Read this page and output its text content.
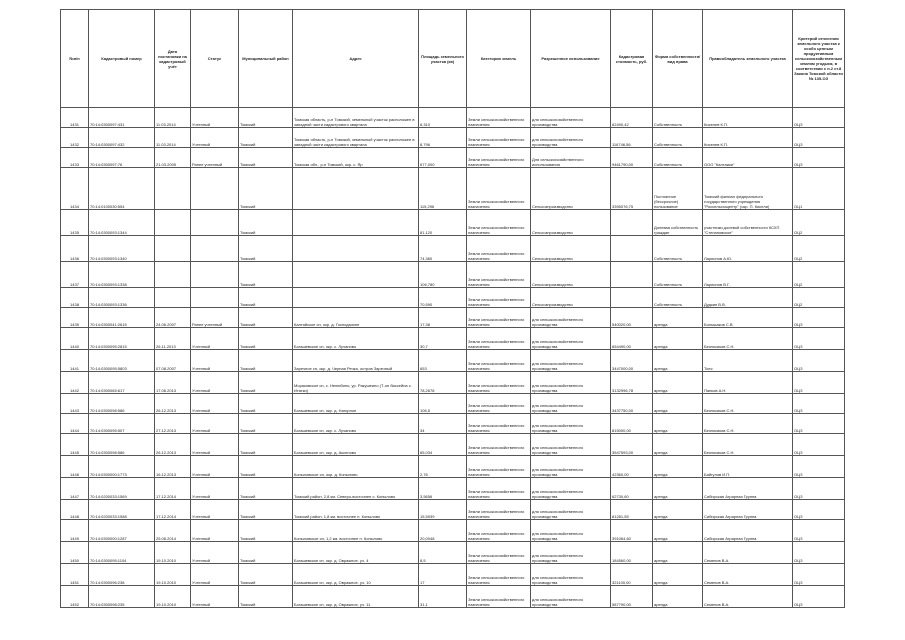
№п/п	Кадастровый номер	Дата постановки на кадастровый учёт	Статус	Муниципальный район	Адрес	Площадь земельного участка (кв)	Категория земель	Разрешенное использование	Кадастровая стоимость, руб.	Форма собственности/вид права	Правообладатель земельного участка	Критерий отнесения земельного участка к особо ценным продуктивным сельскохозяйственным землям угодьям, в соответствии с п.2 ст.8 Закона Томской области № 135-ОЗ
1431	70:14:0300097:431	11.03.2014	Учтенный	Томский	Томская область, р-н Томский, земельный участок расположен в западной части кадастрового квартала	6,310	Земли сельскохозяйственного назначения	для сельскохозяйственного производства	62490,42	Собственность	Киселев К.П.	ОЦЗ
1432	70:14:0300097:432	11.03.2014	Учтенный	Томский	Томская область, р-н Томский, земельный участок расположен в западной части кадастрового квартала	8,796	Земли сельскохозяйственного назначения	для сельскохозяйственного производства	116746,56	Собственность	Киселев К.П.	ОЦЗ
1433	70:14:0300097:76	21.03.2005	Ранее учтенный	Томский	Томская обл., р-н Томский, окр. с. Яр	677,000	Земли сельскохозяйственного назначения	Для сельскохозяйственного использования	9461790,00	Собственность	ООО "Калтаики"	ОЦЗ
1434	70:14:0100030:554			Томский		115,296	Земли сельскохозяйственного назначения	Сельхозпроизводство	3395076,75	Постоянное (бессрочное) пользование	Томский филиал федерального государственного учреждения "Россельхозцентр" (окр. П. Кисели)	ОЦ1
1435	70:14:0300093:1344			Томский		81,120	Земли сельскохозяйственного назначения	Сельхозпроизводство		Долевая собственность граждан	участники долевой собственности КСХП "Степановское"	ОЦ2
1436	70:14:0300093:1340			Томский		74,360	Земли сельскохозяйственного назначения	Сельхозпроизводство		Собственность	Ларионов А.Ю.	ОЦ2
1437	70:14:0300093:1338			Томский		106,780	Земли сельскохозяйственного назначения	Сельхозпроизводство		Собственность	Ларионов В.Г.	ОЦ2
1438	70:14:0300093:1336			Томский		70,590	Земли сельскохозяйственного назначения	Сельхозпроизводство		Собственность	Дудкин В.В.	ОЦ2
1439	70:14:0300041:2615	24.06.2007	Ранее учтенный	Томский	Калтайское сп, окр. д. Господзионе	17,38	Земли сельскохозяйственного назначения	для сельскохозяйственного производства	540020,00	аренда	Большаков С.В.	ОЦЗ
1440	70:14:0300095:2815	26.11.2013	Учтенный	Томский	Богашевское сп, окр. с. Лучаново	30,7	Земли сельскохозяйственного назначения	для сельскохозяйственного производства	654490,00	аренда	Безносиков С.Н.	ОЦЗ
1441	70:14:0300095:5803	07.08.2007	Учтенный	Томский	Заречное сп, окр. д. Черная Речка, остров Заречный	653	Земли сельскохозяйственного назначения	для сельскохозяйственного производства	3447000,00	аренда	Тоес	ОЦЗ
1442	70:14:0300065:617	17.06.2013	Учтенный	Томский	Моряковское сп, с. Нелюбино, ур. Ракушеино (Т-он бассейна с. Итатки)	78,2678	Земли сельскохозяйственного назначения	для сельскохозяйственного производства	3132996,78	аренда	Панков А.Н.	ОЦЗ
1443	70:14:0300098:586	26.12.2013	Учтенный	Томский	Богашевское сп, окр. д. Нагорное	106,5	Земли сельскохозяйственного назначения	для сельскохозяйственного производства	3437750,00	аренда	Безносиков С.Н.	ОЦЗ
1444	70:14:0300095:507	27.12.2013	Учтенный	Томский	Богашевское сп, окр. с. Лучаново	34	Земли сельскохозяйственного назначения	для сельскохозяйственного производства	815000,00	аренда	Безносиков С.Н.	ОЦЗ
1445	70:14:0300098:586	26.12.2013	Учтенный	Томский	Богашевское сп, окр. д. Аксеново	65,034	Земли сельскохозяйственного назначения	для сельскохозяйственного производства	3547593,00	аренда	Безносиков С.Н.	ОЦЗ
1446	70:14:0300000:1773	16.12.2013	Учтенный	Томский	Копыловское сп, окр. д. Копылово	2,76	Земли сельскохозяйственного назначения	для сельскохозяйственного производства	42360,00	аренда	Байгулов И.П.	ОЦЗ
1447	70:14:0200033:1569	17.12.2014	Учтенный	Томский	Томский район, 2,8 км. Северо-восточнее с. Копылово	3,5656	Земли сельскохозяйственного назначения	для сельскохозяйственного производства	62730,60	аренда	Сибирская Аграрная Группа	ОЦЗ
1448	70:14:0200033:1588	17.12.2014	Учтенный	Томский	Томский район, 1,8 км. восточнее п. Копылово	15,5939	Земли сельскохозяйственного назначения	для сельскохозяйственного производства	81281,55	аренда	Сибирская Аграрная Группа	ОЦЗ
1449	70:14:0300000:1287	25.08.2014	Учтенный	Томский	Копыловское сп, 1,2 км. восточнее п. Копылово	20,0048	Земли сельскохозяйственного назначения	для сельскохозяйственного производства	391064,60	аренда	Сибирская Аграрная Группа	ОЦЗ
1450	70:14:0300095:1104	19.10.2010	Учтенный	Томский	Богашевское сп, окр. д. Овражное, уч. 4	8,5	Земли сельскохозяйственного назначения	для сельскохозяйственного производства	184560,00	аренда	Семенов В.А.	ОЦЗ
1451	70:14:0300096:238	19.10.2010	Учтенный	Томский	Богашевское сп, окр. д. Овражное, уч. 10	17	Земли сельскохозяйственного назначения	для сельскохозяйственного производства	321100,00	аренда	Семенов В.А.	ОЦЗ
1452	70:14:0300098:235	19.10.2010	Учтенный	Томский	Богашевское сп, окр. д. Овражное, уч. 11	31,1	Земли сельскохозяйственного назначения	для сельскохозяйственного производства	587790,00	аренда	Семенов В.А.	ОЦЗ
